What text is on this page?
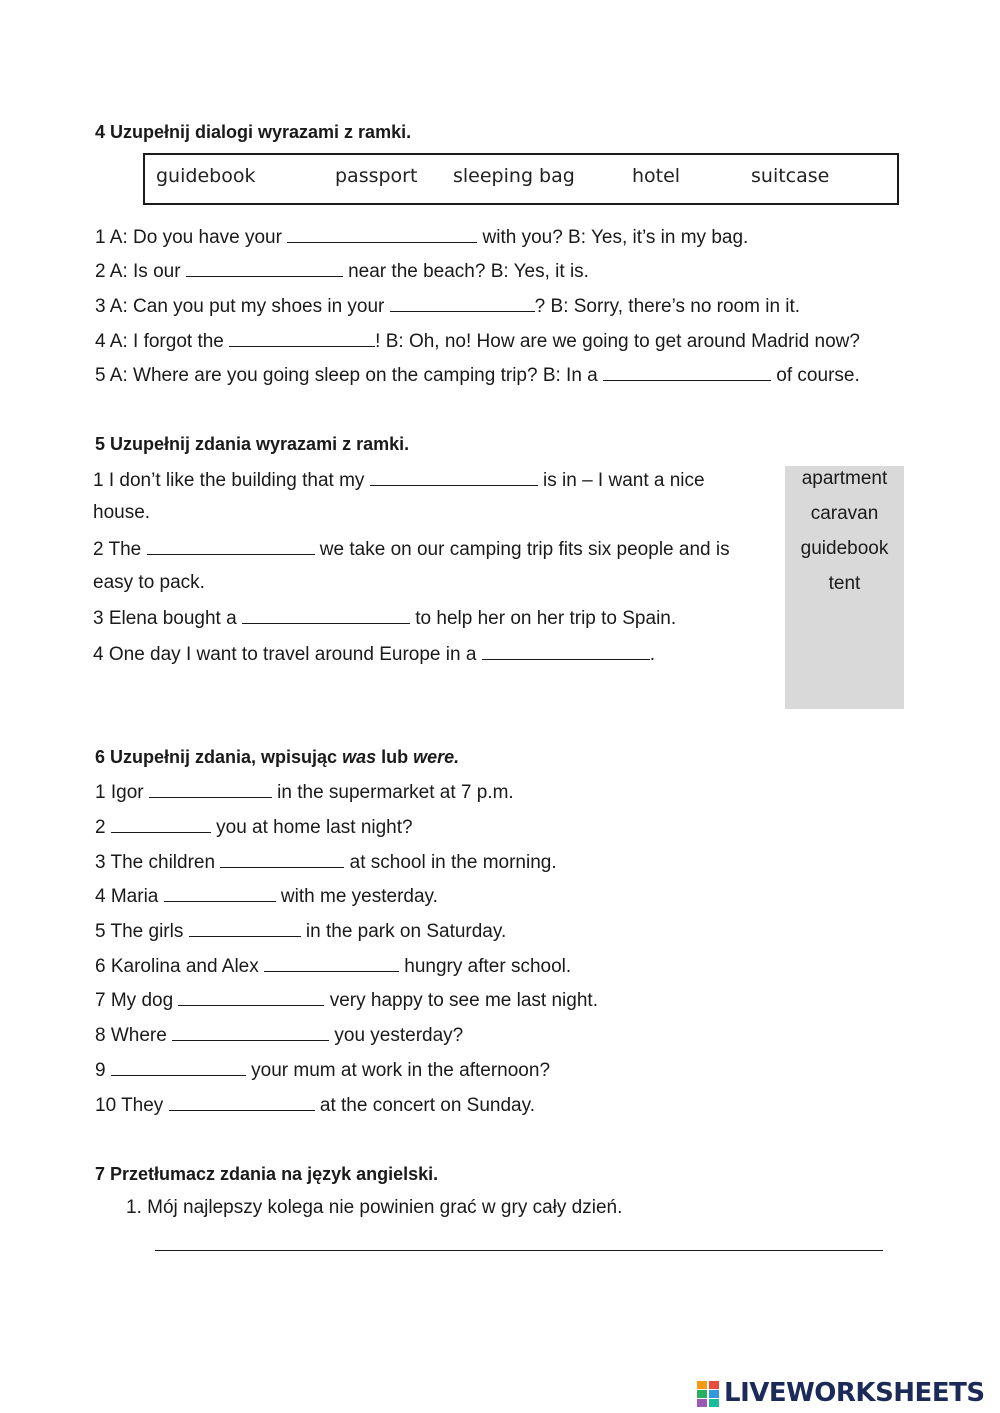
4 Uzupełnij dialogi wyrazami z ramki.
guidebook	passport sleeping bag	hotel	suitcase
1 A: Do you have your	with you? B: Yes, it’s in my bag.
2 A: Is our	near the beach? B: Yes, it is.
3 A: Can you put my shoes in your	? B: Sorry, there’s no room in it.
4 A: I forgot the	! B: Oh, no! How are we going to get around Madrid now?
5 A: Where are you going sleep on the camping trip? B: In a	of course.
5 Uzupełnij zdania wyrazami z ramki.
apartment
caravan
guidebook
tent
1 I don’t like the building that my	is in – I want a nice
house.
2 The	we take on our camping trip fits six people and is
easy to pack.
3 Elena bought a	to help her on her trip to Spain.
4 One day I want to travel around Europe in a	.
6 Uzupełnij zdania, wpisując was lub were.
1 Igor	in the supermarket at 7 p.m.
2	you at home last night?
3 The children	at school in the morning.
4 Maria	with me yesterday.
5 The girls	in the park on Saturday.
6 Karolina and Alex	hungry after school.
7 My dog	very happy to see me last night.
8 Where	you yesterday?
9	your mum at work in the afternoon?
10 They	at the concert on Sunday.
7 Przetłumacz zdania na język angielski.
1. Mój najlepszy kolega nie powinien grać w gry cały dzień.
LIVEWORKSHEETS
